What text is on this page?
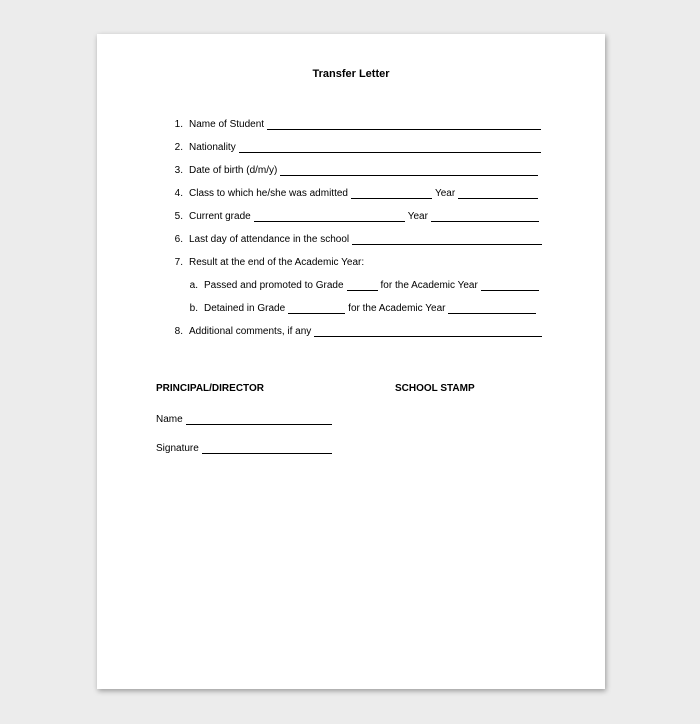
Transfer Letter
1. Name of Student
2. Nationality
3. Date of birth (d/m/y)
4. Class to which he/she was admitted	Year
5. Current grade	Year
6. Last day of attendance in the school
7. Result at the end of the Academic Year:
a. Passed and promoted to Grade	for the Academic Year
b. Detained in Grade	for the Academic Year
8. Additional comments, if any
PRINCIPAL/DIRECTOR	SCHOOL STAMP
Name
Signature
